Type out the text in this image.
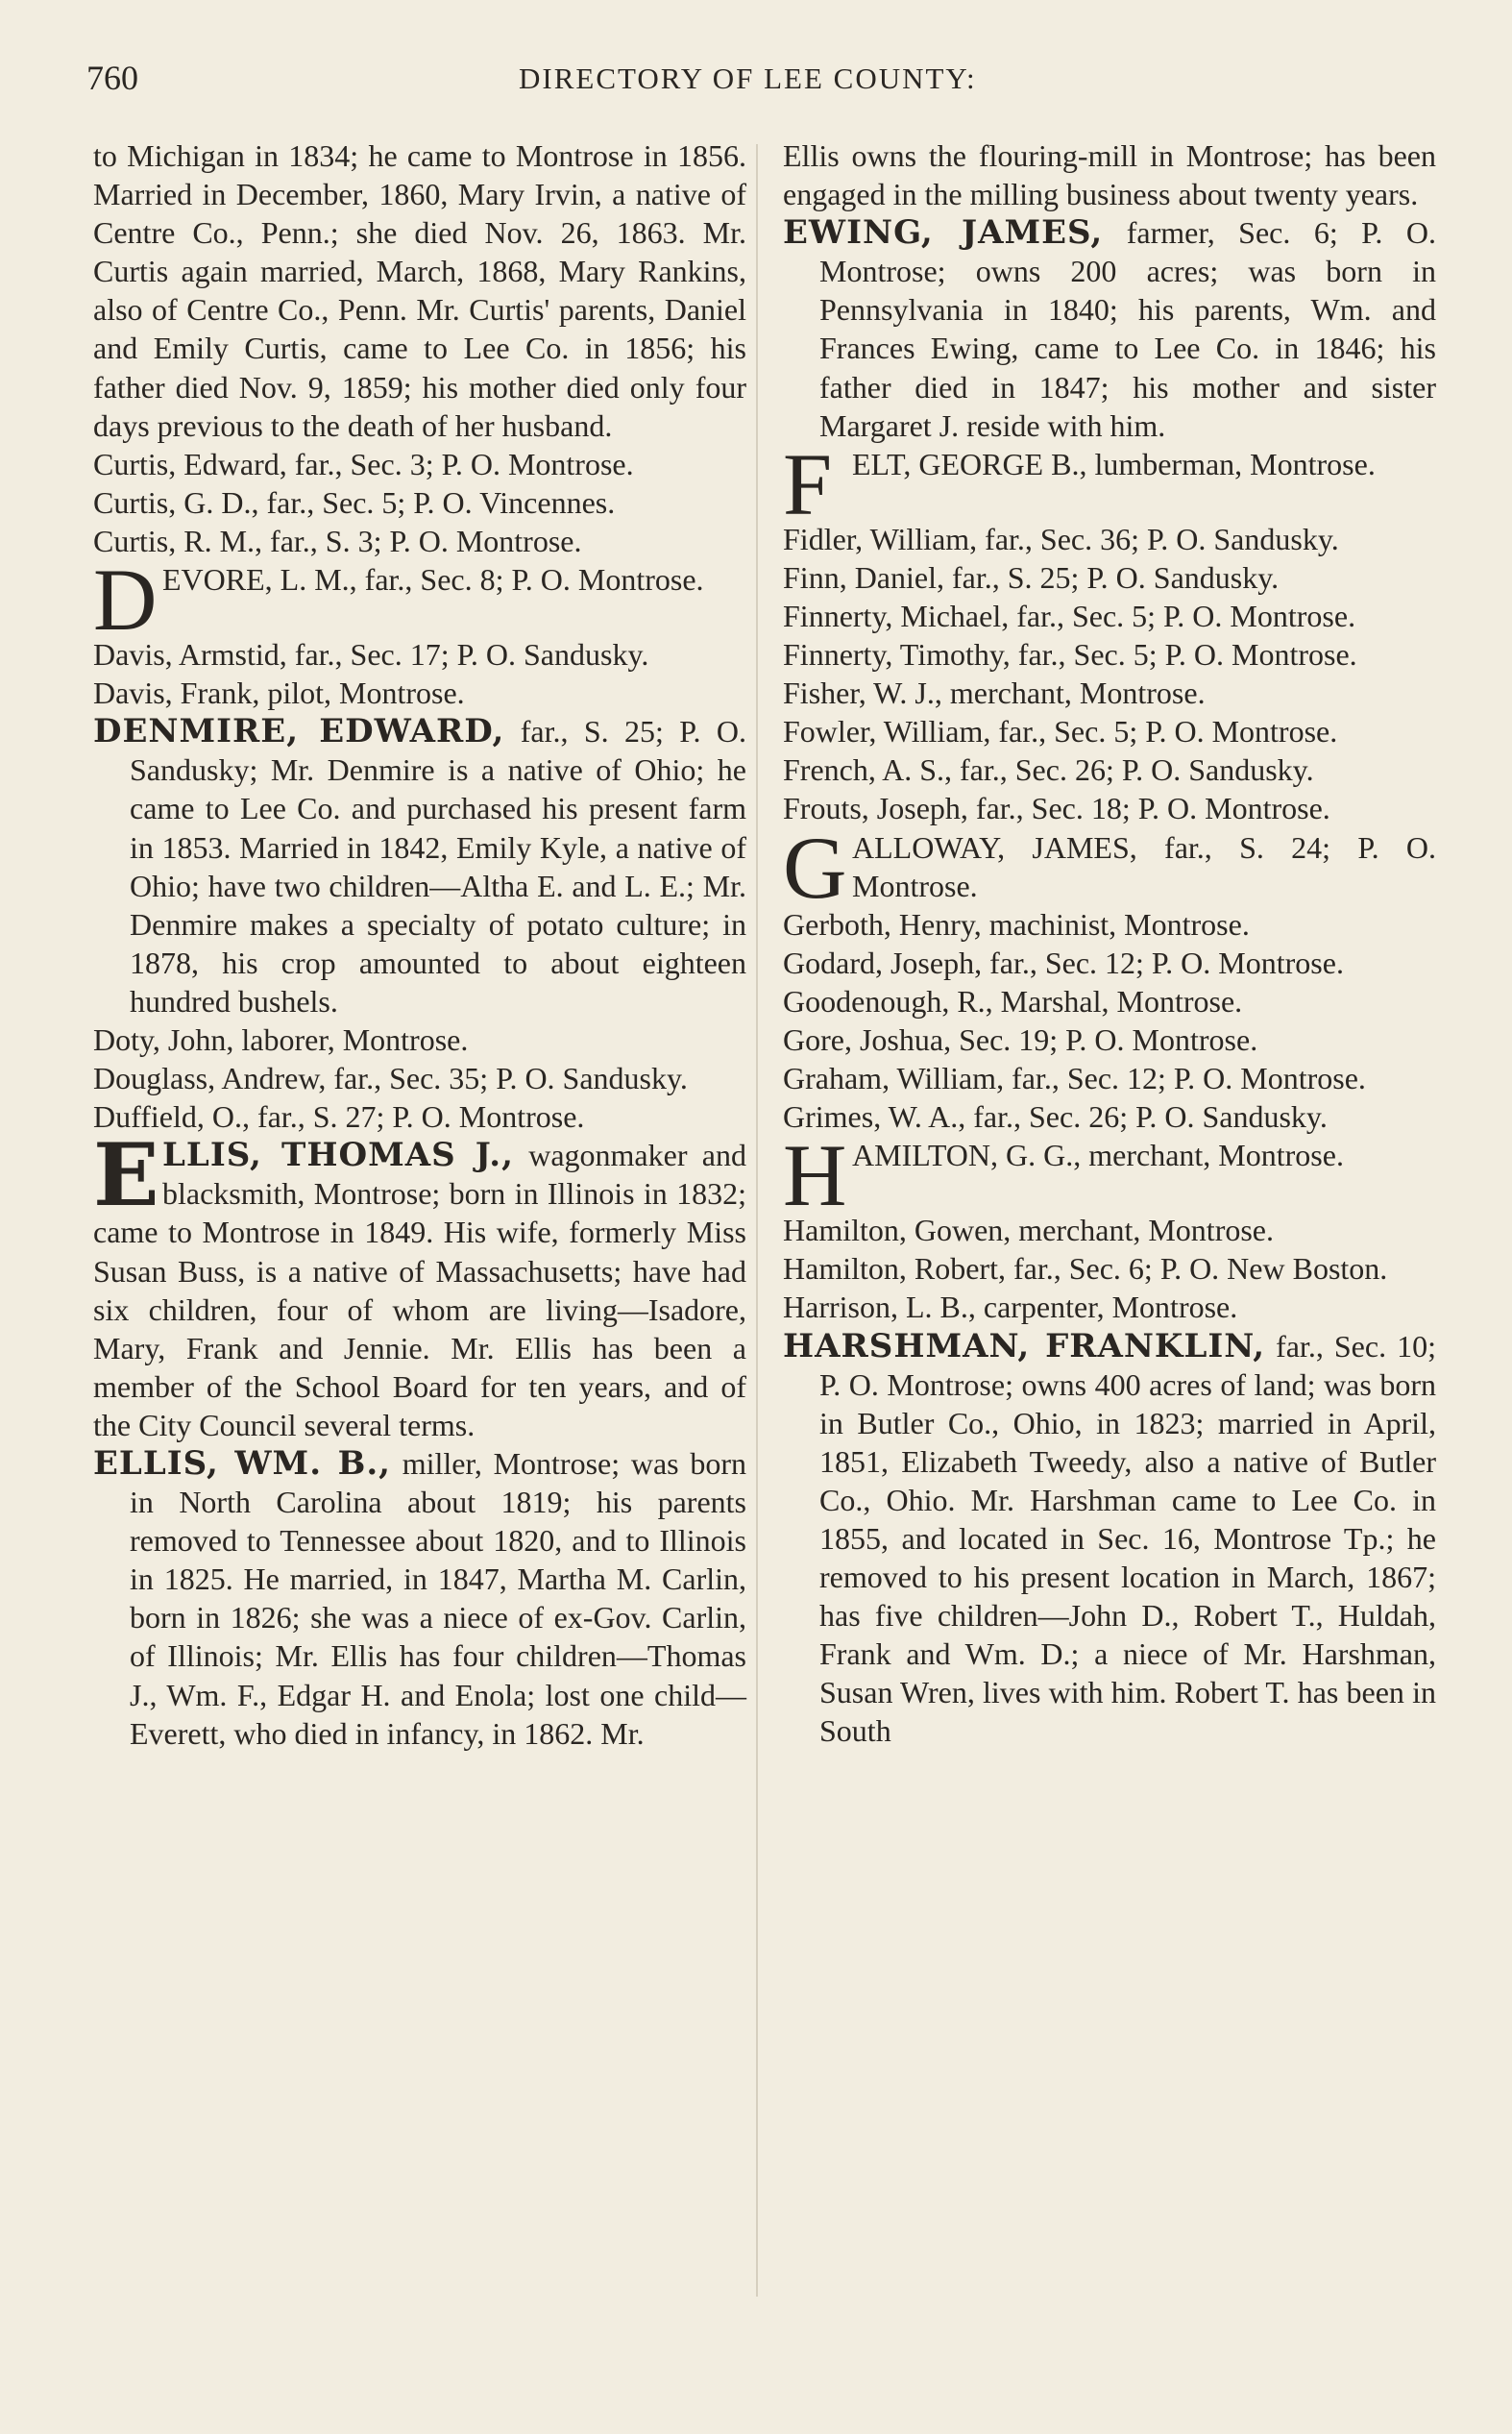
760	DIRECTORY OF LEE COUNTY:

to Michigan in 1834; he came to Montrose in 1856. Married in December, 1860, Mary Irvin, a native of Centre Co., Penn.; she died Nov. 26, 1863. Mr. Curtis again married, March, 1868, Mary Rankins, also of Centre Co., Penn. Mr. Curtis' parents, Daniel and Emily Curtis, came to Lee Co. in 1856; his father died Nov. 9, 1859; his mother died only four days previous to the death of her husband.

Curtis, Edward, far., Sec. 3; P. O. Montrose.

Curtis, G. D., far., Sec. 5; P. O. Vincennes.

Curtis, R. M., far., S. 3; P. O. Montrose.

D EVORE, L. M., far., Sec. 8; P. O. Montrose.

Davis, Armstid, far., Sec. 17; P. O. Sandusky.

Davis, Frank, pilot, Montrose.

DENMIRE, EDWARD, far., S. 25; P. O. Sandusky; Mr. Denmire is a native of Ohio; he came to Lee Co. and purchased his present farm in 1853. Married in 1842, Emily Kyle, a native of Ohio; have two children—Altha E. and L. E.; Mr. Denmire makes a specialty of potato culture; in 1878, his crop amounted to about eighteen hundred bushels.

Doty, John, laborer, Montrose.

Douglass, Andrew, far., Sec. 35; P. O. Sandusky.

Duffield, O., far., S. 27; P. O. Montrose.

E LLIS, THOMAS J., wagonmaker and blacksmith, Montrose; born in Illinois in 1832; came to Montrose in 1849. His wife, formerly Miss Susan Buss, is a native of Massachusetts; have had six children, four of whom are living—Isadore, Mary, Frank and Jennie. Mr. Ellis has been a member of the School Board for ten years, and of the City Council several terms.

ELLIS, WM. B., miller, Montrose; was born in North Carolina about 1819; his parents removed to Tennessee about 1820, and to Illinois in 1825. He married, in 1847, Martha M. Carlin, born in 1826; she was a niece of ex-Gov. Carlin, of Illinois; Mr. Ellis has four children—Thomas J., Wm. F., Edgar H. and Enola; lost one child—Everett, who died in infancy, in 1862. Mr.

Ellis owns the flouring-mill in Montrose; has been engaged in the milling business about twenty years.

EWING, JAMES, farmer, Sec. 6; P. O. Montrose; owns 200 acres; was born in Pennsylvania in 1840; his parents, Wm. and Frances Ewing, came to Lee Co. in 1846; his father died in 1847; his mother and sister Margaret J. reside with him.

F ELT, GEORGE B., lumberman, Montrose.

Fidler, William, far., Sec. 36; P. O. Sandusky.

Finn, Daniel, far., S. 25; P. O. Sandusky.

Finnerty, Michael, far., Sec. 5; P. O. Montrose.

Finnerty, Timothy, far., Sec. 5; P. O. Montrose.

Fisher, W. J., merchant, Montrose.

Fowler, William, far., Sec. 5; P. O. Montrose.

French, A. S., far., Sec. 26; P. O. Sandusky.

Frouts, Joseph, far., Sec. 18; P. O. Montrose.

G ALLOWAY, JAMES, far., S. 24; P. O. Montrose.

Gerboth, Henry, machinist, Montrose.

Godard, Joseph, far., Sec. 12; P. O. Montrose.

Goodenough, R., Marshal, Montrose.

Gore, Joshua, Sec. 19; P. O. Montrose.

Graham, William, far., Sec. 12; P. O. Montrose.

Grimes, W. A., far., Sec. 26; P. O. Sandusky.

H AMILTON, G. G., merchant, Montrose.

Hamilton, Gowen, merchant, Montrose.

Hamilton, Robert, far., Sec. 6; P. O. New Boston.

Harrison, L. B., carpenter, Montrose.

HARSHMAN, FRANKLIN, far., Sec. 10; P. O. Montrose; owns 400 acres of land; was born in Butler Co., Ohio, in 1823; married in April, 1851, Elizabeth Tweedy, also a native of Butler Co., Ohio. Mr. Harshman came to Lee Co. in 1855, and located in Sec. 16, Montrose Tp.; he removed to his present location in March, 1867; has five children—John D., Robert T., Huldah, Frank and Wm. D.; a niece of Mr. Harshman, Susan Wren, lives with him. Robert T. has been in South
